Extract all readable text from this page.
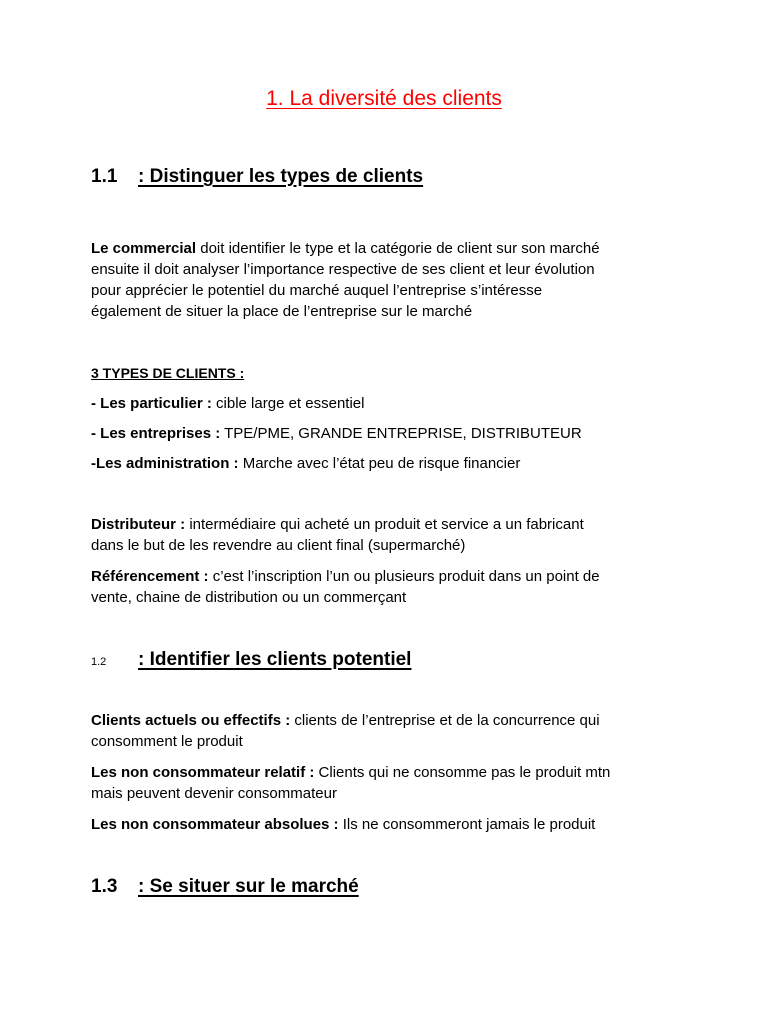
1. La diversité des clients
1.1 : Distinguer les types de clients
Le commercial doit identifier le type et la catégorie de client sur son marché
ensuite il doit analyser l’importance respective de ses client et leur évolution
pour apprécier le potentiel du marché auquel l’entreprise s’intéresse
également de situer la place de l’entreprise sur le marché
3 TYPES DE CLIENTS :
- Les particulier : cible large et essentiel
- Les entreprises : TPE/PME, GRANDE ENTREPRISE, DISTRIBUTEUR
-Les administration : Marche avec l’état peu de risque financier
Distributeur : intermédiaire qui acheté un produit et service a un fabricant
dans le but de les revendre au client final (supermarché)
Référencement : c’est l’inscription l’un ou plusieurs produit dans un point de
vente, chaine de distribution ou un commerçant
1.2 : Identifier les clients potentiel
Clients actuels ou effectifs : clients de l’entreprise et de la concurrence qui
consomment le produit
Les non consommateur relatif : Clients qui ne consomme pas le produit mtn
mais peuvent devenir consommateur
Les non consommateur absolues : Ils ne consommeront jamais le produit
1.3 : Se situer sur le marché
